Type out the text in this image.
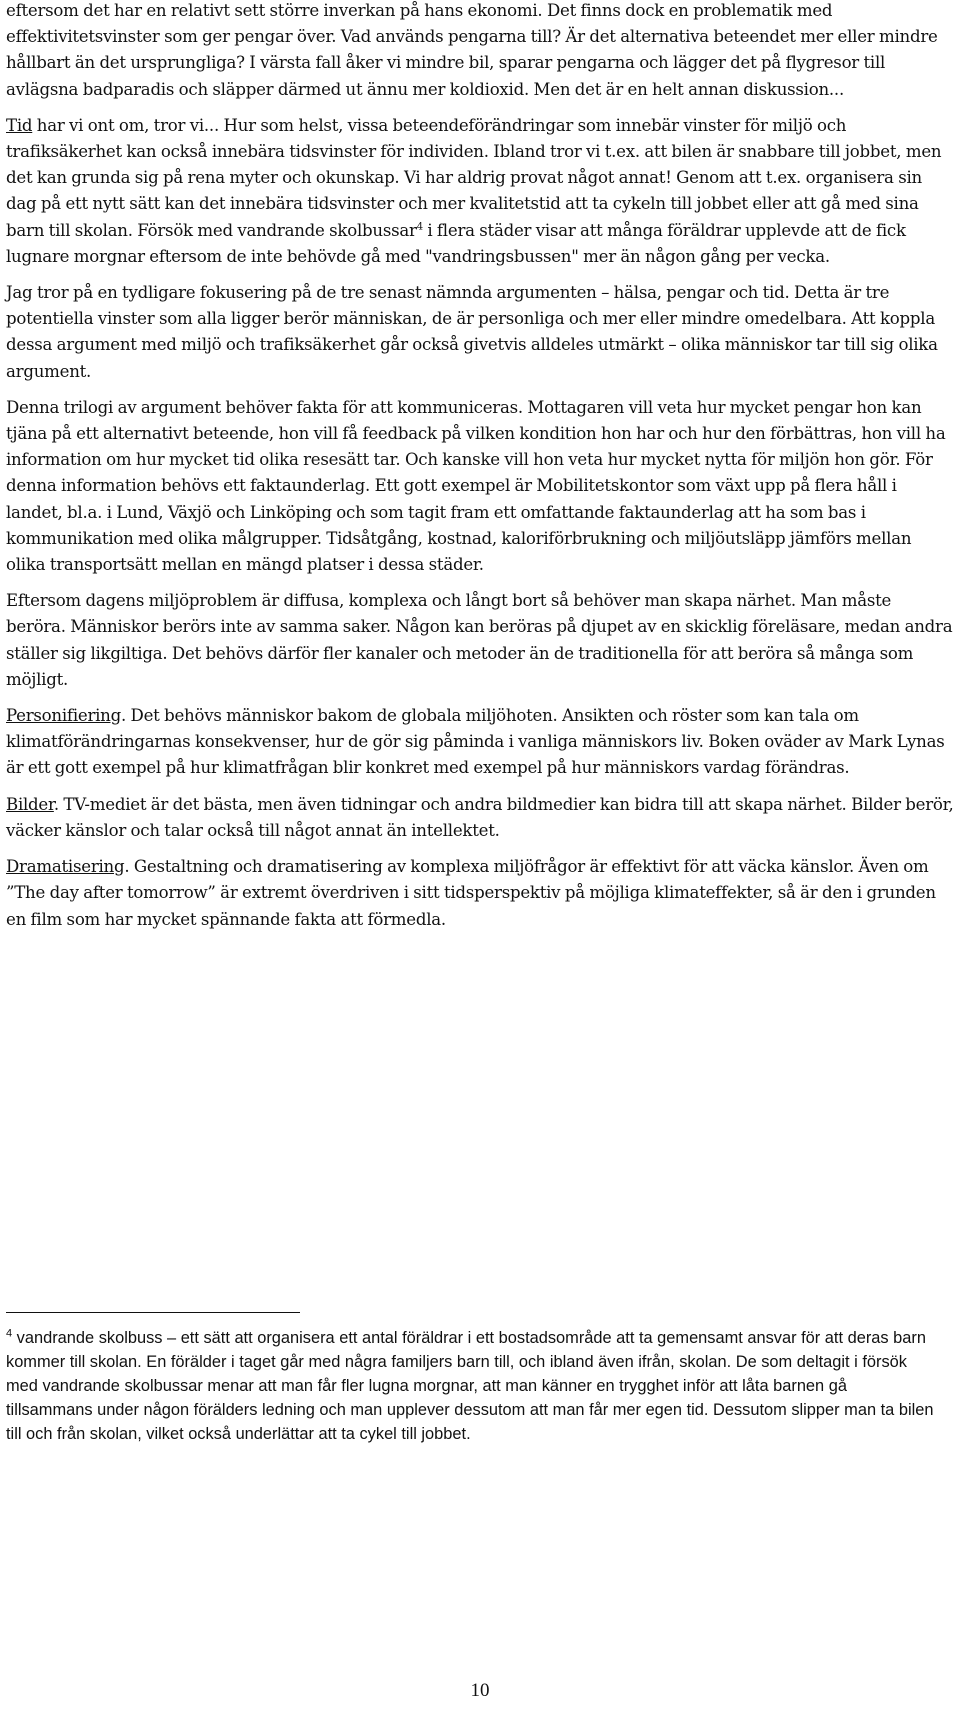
eftersom det har en relativt sett större inverkan på hans ekonomi. Det finns dock en problematik med effektivitetsvinster som ger pengar över. Vad används pengarna till? Är det alternativa beteendet mer eller mindre hållbart än det ursprungliga? I värsta fall åker vi mindre bil, sparar pengarna och lägger det på flygresor till avlägsna badparadis och släpper därmed ut ännu mer koldioxid. Men det är en helt annan diskussion...

Tid har vi ont om, tror vi... Hur som helst, vissa beteendeförändringar som innebär vinster för miljö och trafiksäkerhet kan också innebära tidsvinster för individen. Ibland tror vi t.ex. att bilen är snabbare till jobbet, men det kan grunda sig på rena myter och okunskap. Vi har aldrig provat något annat! Genom att t.ex. organisera sin dag på ett nytt sätt kan det innebära tidsvinster och mer kvalitetstid att ta cykeln till jobbet eller att gå med sina barn till skolan. Försök med vandrande skolbussar$^4$ i flera städer visar att många föräldrar upplevde att de fick lugnare morgnar eftersom de inte behövde gå med "vandringsbussen" mer än någon gång per vecka.

Jag tror på en tydligare fokusering på de tre senast nämnda argumenten – hälsa, pengar och tid. Detta är tre potentiella vinster som alla ligger berör människan, de är personliga och mer eller mindre omedelbara. Att koppla dessa argument med miljö och trafiksäkerhet går också givetvis alldeles utmärkt – olika människor tar till sig olika argument.

Denna trilogi av argument behöver fakta för att kommuniceras. Mottagaren vill veta hur mycket pengar hon kan tjäna på ett alternativt beteende, hon vill få feedback på vilken kondition hon har och hur den förbättras, hon vill ha information om hur mycket tid olika resesätt tar. Och kanske vill hon veta hur mycket nytta för miljön hon gör. För denna information behövs ett faktaunderlag. Ett gott exempel är Mobilitetskontor som växt upp på flera håll i landet, bl.a. i Lund, Växjö och Linköping och som tagit fram ett omfattande faktaunderlag att ha som bas i kommunikation med olika målgrupper. Tidsåtgång, kostnad, kaloriförbrukning och miljöutsläpp jämförs mellan olika transportsätt mellan en mängd platser i dessa städer.

Eftersom dagens miljöproblem är diffusa, komplexa och långt bort så behöver man skapa närhet. Man måste beröra. Människor berörs inte av samma saker. Någon kan beröras på djupet av en skicklig föreläsare, medan andra ställer sig likgiltiga. Det behövs därför fler kanaler och metoder än de traditionella för att beröra så många som möjligt.

Personifiering. Det behövs människor bakom de globala miljöhoten. Ansikten och röster som kan tala om klimatförändringarnas konsekvenser, hur de gör sig påminda i vanliga människors liv. Boken oväder av Mark Lynas är ett gott exempel på hur klimatfrågan blir konkret med exempel på hur människors vardag förändras.

Bilder. TV-mediet är det bästa, men även tidningar och andra bildmedier kan bidra till att skapa närhet. Bilder berör, väcker känslor och talar också till något annat än intellektet.

Dramatisering. Gestaltning och dramatisering av komplexa miljöfrågor är effektivt för att väcka känslor. Även om ”The day after tomorrow” är extremt överdriven i sitt tidsperspektiv på möjliga klimateffekter, så är den i grunden en film som har mycket spännande fakta att förmedla.

$^4$ vandrande skolbuss – ett sätt att organisera ett antal föräldrar i ett bostadsområde att ta gemensamt ansvar för att deras barn kommer till skolan. En förälder i taget går med några familjers barn till, och ibland även ifrån, skolan. De som deltagit i försök med vandrande skolbussar menar att man får fler lugna morgnar, att man känner en trygghet inför att låta barnen gå tillsammans under någon förälders ledning och man upplever dessutom att man får mer egen tid. Dessutom slipper man ta bilen till och från skolan, vilket också underlättar att ta cykel till jobbet.
10
